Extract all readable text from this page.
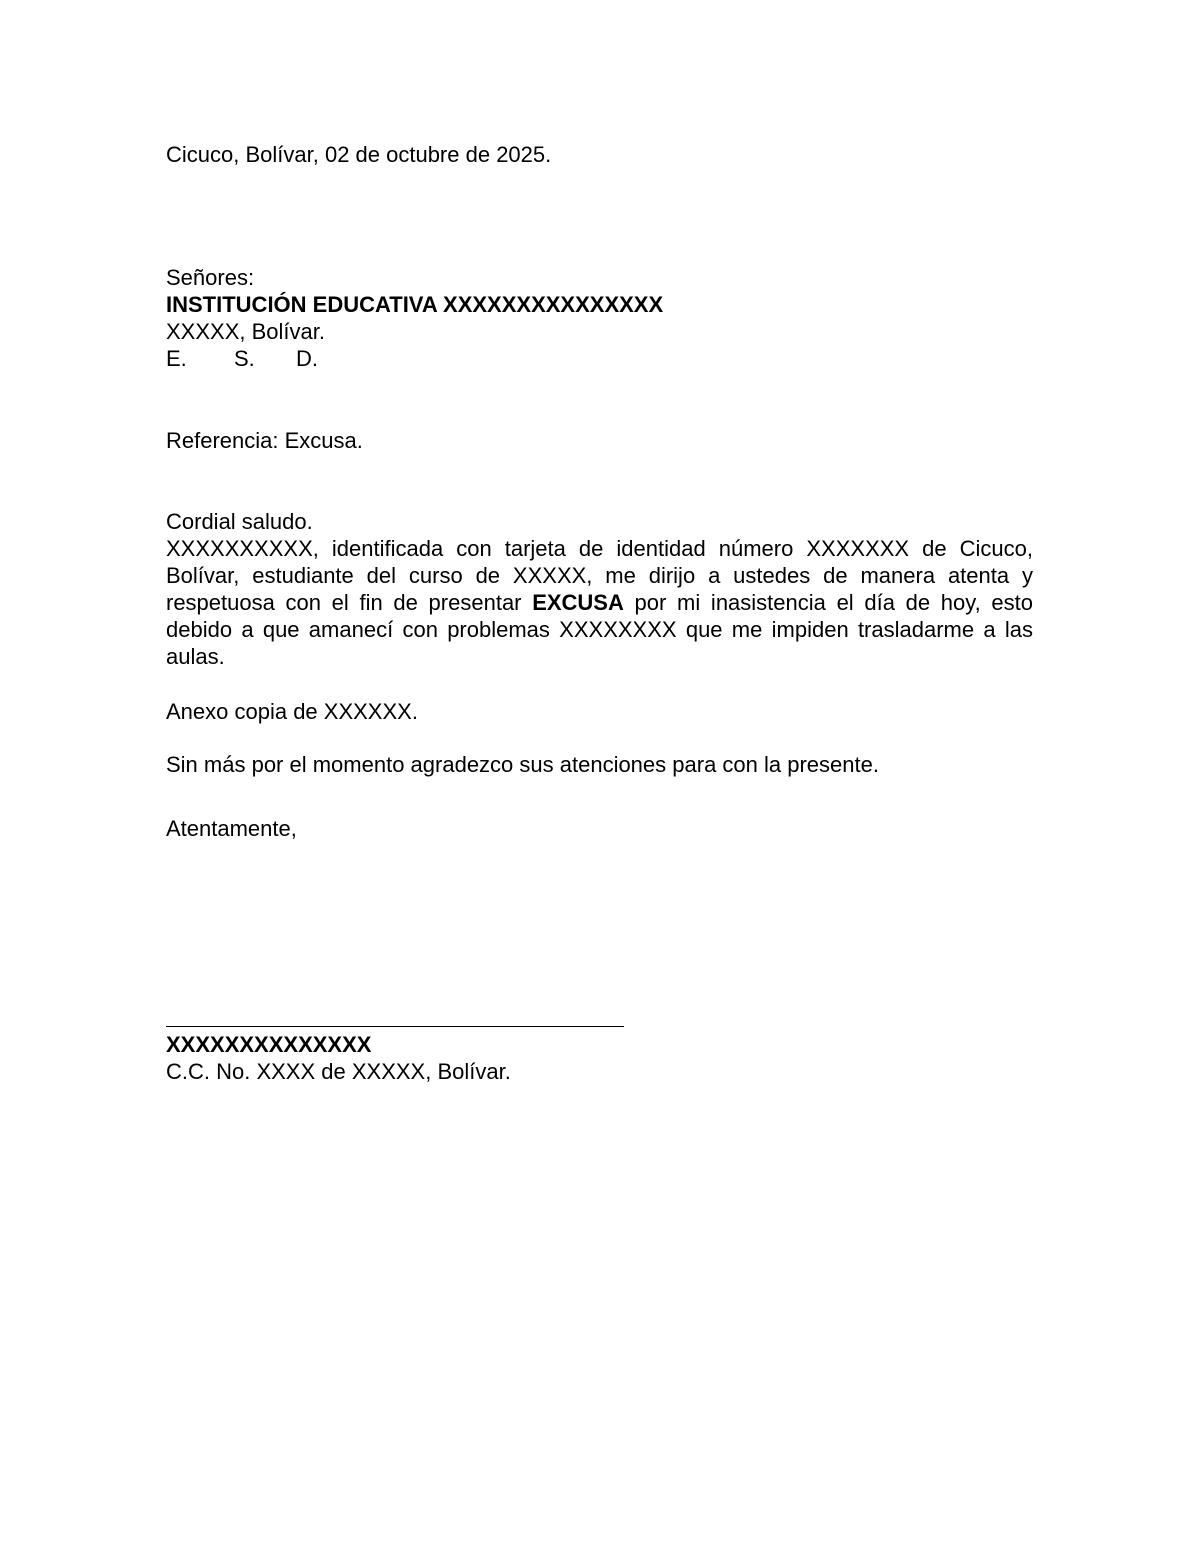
Cicuco, Bolívar, 02 de octubre de 2025.
Señores:
INSTITUCIÓN EDUCATIVA XXXXXXXXXXXXXXX
XXXXX, Bolívar.
E. S. D.
Referencia: Excusa.
Cordial saludo.
XXXXXXXXXX, identificada con tarjeta de identidad número XXXXXXX de Cicuco, Bolívar, estudiante del curso de XXXXX, me dirijo a ustedes de manera atenta y respetuosa con el fin de presentar EXCUSA por mi inasistencia el día de hoy, esto debido a que amanecí con problemas XXXXXXXX que me impiden trasladarme a las aulas.
Anexo copia de XXXXXX.
Sin más por el momento agradezco sus atenciones para con la presente.
Atentamente,
XXXXXXXXXXXXXX
C.C. No. XXXX de XXXXX, Bolívar.
